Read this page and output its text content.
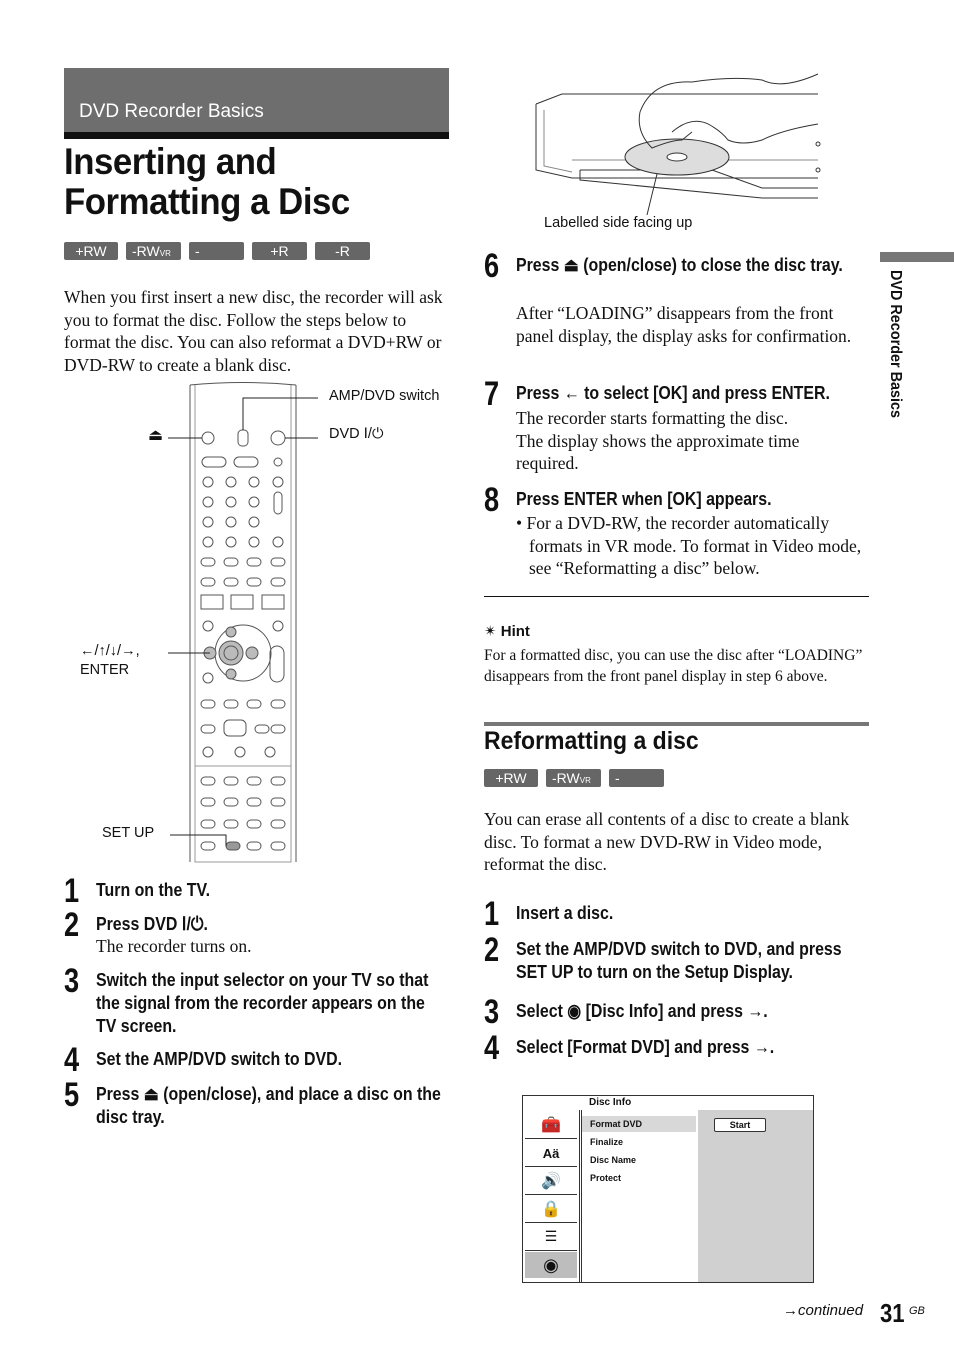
DVD Recorder Basics
Inserting and Formatting a Disc
+RW	-RWVR	-RWVideo
+R	-R
When you first insert a new disc, the recorder will ask you to format the disc. Follow the steps below to format the disc. You can also reformat a DVD+RW or DVD-RW to create a blank disc.
AMP/DVD switch
DVD Ⅰ/⏻
⏏
←/↑/↓/→,
ENTER
SET UP
1 Turn on the TV.
2 Press DVD Ⅰ/⏻.
The recorder turns on.
3 Switch the input selector on your TV so that the signal from the recorder appears on the TV screen.
4 Set the AMP/DVD switch to DVD.
5 Press ⏏ (open/close), and place a disc on the disc tray.
Labelled side facing up
6 Press ⏏ (open/close) to close the disc tray.
After “LOADING” disappears from the front panel display, the display asks for confirmation.
7 Press ← to select [OK] and press ENTER.
The recorder starts formatting the disc.
The display shows the approximate time required.
8 Press ENTER when [OK] appears.
• For a DVD-RW, the recorder automatically formats in VR mode. To format in Video mode, see “Reformatting a disc” below.
✴ Hint
For a formatted disc, you can use the disc after “LOADING” disappears from the front panel display in step 6 above.
Reformatting a disc
+RW	-RWVR	-RWVideo
You can erase all contents of a disc to create a blank disc. To format a new DVD-RW in Video mode, reformat the disc.
1 Insert a disc.
2 Set the AMP/DVD switch to DVD, and press SET UP to turn on the Setup Display.
3 Select ◉ [Disc Info] and press →.
4 Select [Format DVD] and press →.
Disc Info
🧰
Aä
🔊
🔒
☰
◉
Format DVD
Finalize
Disc Name
Protect
Start
DVD Recorder Basics
→continued 31 GB
